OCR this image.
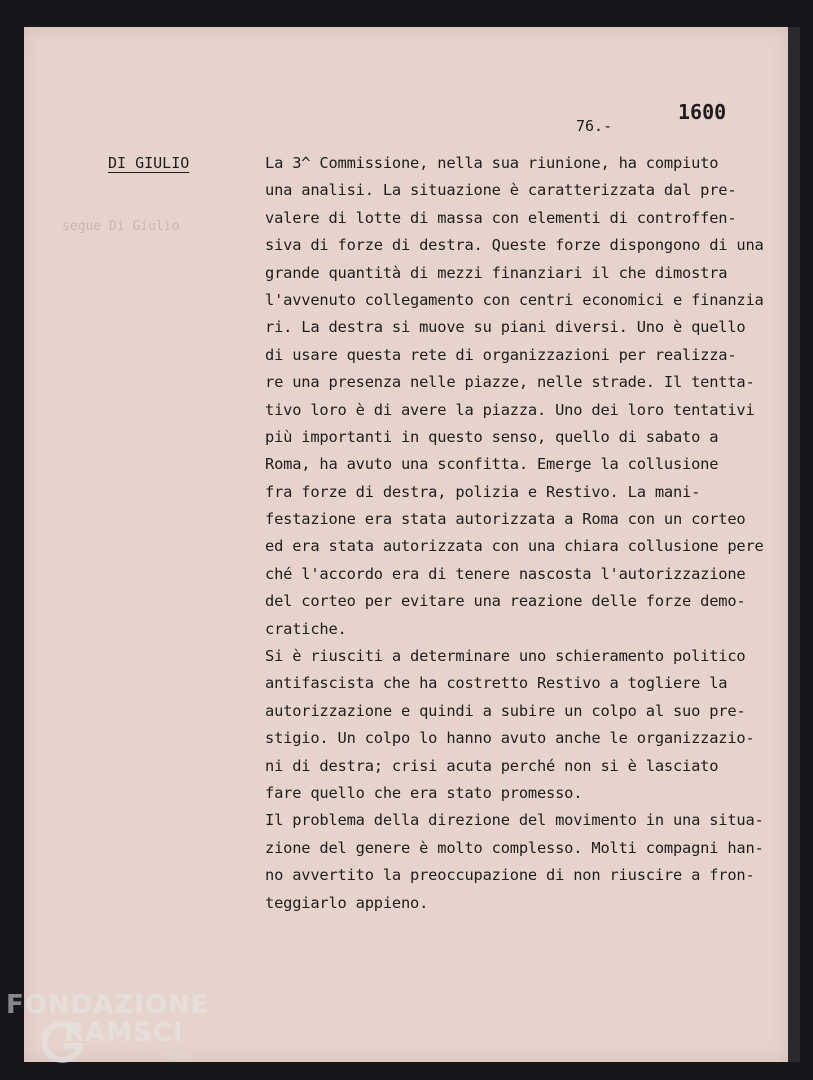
76.-
1600
DI GIULIO
segue Di Giulio
La 3^ Commissione, nella sua riunione, ha compiuto
una analisi. La situazione è caratterizzata dal pre-
valere di lotte di massa con elementi di controffen-
siva di forze di destra. Queste forze dispongono di una
grande quantità di mezzi finanziari il che dimostra
l'avvenuto collegamento con centri economici e finanzia
ri. La destra si muove su piani diversi. Uno è quello
di usare questa rete di organizzazioni per realizza-
re una presenza nelle piazze, nelle strade. Il tentta-
tivo loro è di avere la piazza. Uno dei loro tentativi
più importanti in questo senso, quello di sabato a
Roma, ha avuto una sconfitta. Emerge la collusione
fra forze di destra, polizia e Restivo. La mani-
festazione era stata autorizzata a Roma con un corteo
ed era stata autorizzata con una chiara collusione pere
ché l'accordo era di tenere nascosta l'autorizzazione
del corteo per evitare una reazione delle forze demo-
cratiche.
Si è riusciti a determinare uno schieramento politico
antifascista che ha costretto Restivo a togliere la
autorizzazione e quindi a subire un colpo al suo pre-
stigio. Un colpo lo hanno avuto anche le organizzazio-
ni di destra; crisi acuta perché non si è lasciato
fare quello che era stato promesso.
Il problema della direzione del movimento in una situa-
zione del genere è molto complesso. Molti compagni han-
no avvertito la preoccupazione di non riuscire a fron-
teggiarlo appieno.
FONDAZIONE
RAMSCI
Onlus
